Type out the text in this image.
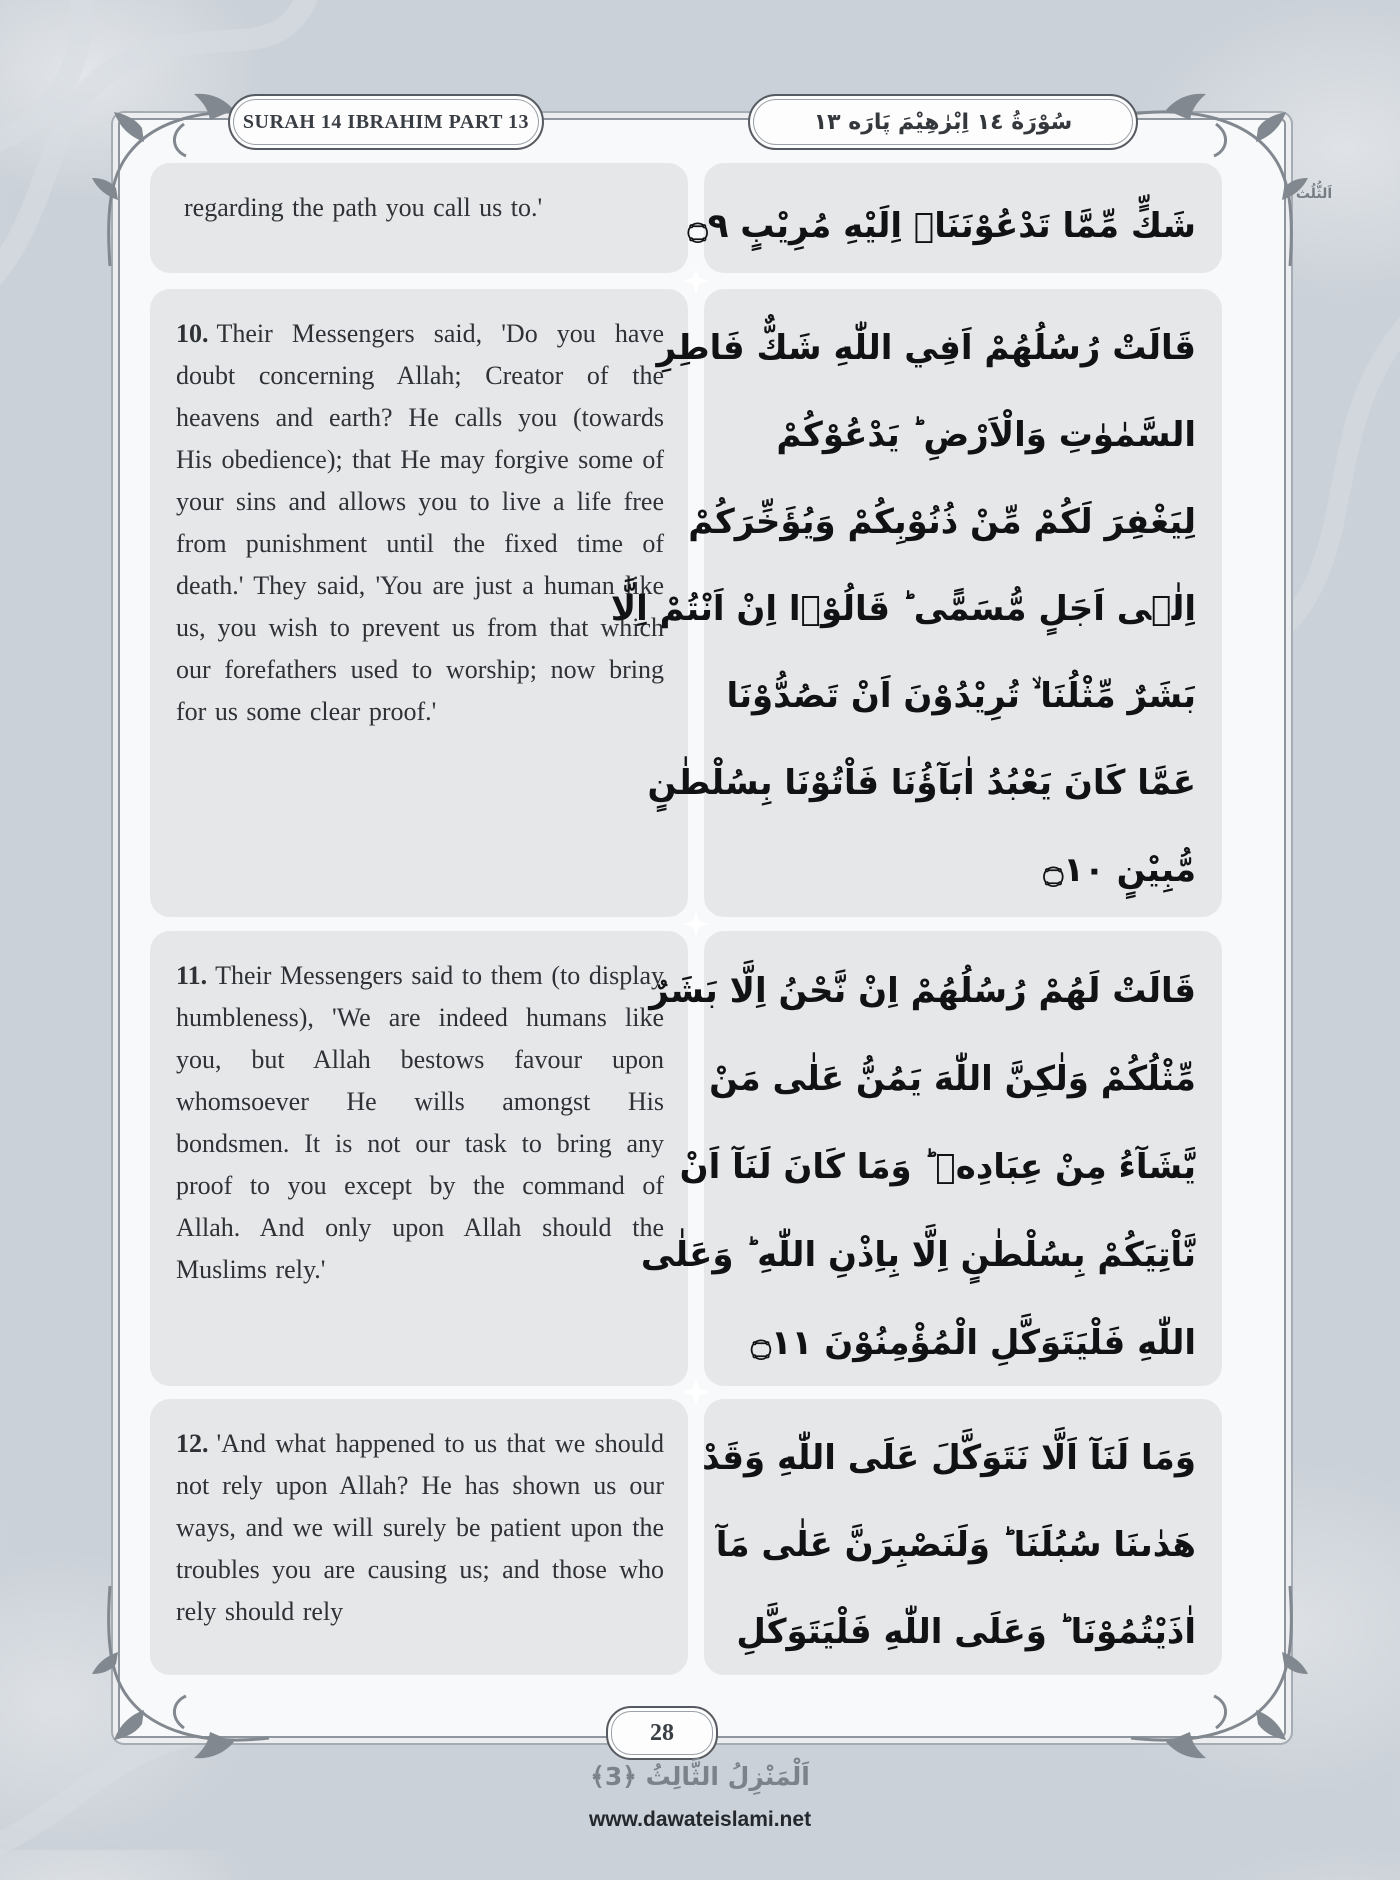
SURAH 14 IBRAHIM PART 13	سُوْرَةُ ١٤ اِبْرٰهِيْمَ پَارَه ١٣
اَلثُّلُث
regarding the path you call us to.'	شَكٍّ مِّمَّا تَدْعُوْنَنَاۤ اِلَيْهِ مُرِيْبٍ ۝٩
10. Their Messengers said, 'Do you have doubt concerning Allah; Creator of the heavens and earth? He calls you (towards His obedience); that He may forgive some of your sins and allows you to live a life free from punishment until the fixed time of death.' They said, 'You are just a human like us, you wish to prevent us from that which our forefathers used to worship; now bring for us some clear proof.'
قَالَتْ رُسُلُهُمْ اَفِي اللّٰهِ شَكٌّ فَاطِرِ
السَّمٰوٰتِ وَالْاَرْضِ ؕ يَدْعُوْكُمْ
لِيَغْفِرَ لَكُمْ مِّنْ ذُنُوْبِكُمْ وَيُؤَخِّرَكُمْ
اِلٰۤى اَجَلٍ مُّسَمًّى ؕ قَالُوْۤا اِنْ اَنْتُمْ اِلَّا
بَشَرٌ مِّثْلُنَا ۙ تُرِيْدُوْنَ اَنْ تَصُدُّوْنَا
عَمَّا كَانَ يَعْبُدُ اٰبَآؤُنَا فَاْتُوْنَا بِسُلْطٰنٍ
مُّبِيْنٍ ۝١٠
11. Their Messengers said to them (to display humbleness), 'We are indeed humans like you, but Allah bestows favour upon whomsoever He wills amongst His bondsmen. It is not our task to bring any proof to you except by the command of Allah. And only upon Allah should the Muslims rely.'
قَالَتْ لَهُمْ رُسُلُهُمْ اِنْ نَّحْنُ اِلَّا بَشَرٌ
مِّثْلُكُمْ وَلٰكِنَّ اللّٰهَ يَمُنُّ عَلٰى مَنْ
يَّشَآءُ مِنْ عِبَادِهٖ ؕ وَمَا كَانَ لَنَآ اَنْ
نَّاْتِيَكُمْ بِسُلْطٰنٍ اِلَّا بِاِذْنِ اللّٰهِ ؕ وَعَلٰى
اللّٰهِ فَلْيَتَوَكَّلِ الْمُؤْمِنُوْنَ ۝١١
12. 'And what happened to us that we should not rely upon Allah? He has shown us our ways, and we will surely be patient upon the troubles you are causing us; and those who rely should rely
وَمَا لَنَآ اَلَّا نَتَوَكَّلَ عَلَى اللّٰهِ وَقَدْ
هَدٰىنَا سُبُلَنَا ؕ وَلَنَصْبِرَنَّ عَلٰى مَآ
اٰذَيْتُمُوْنَا ؕ وَعَلَى اللّٰهِ فَلْيَتَوَكَّلِ
28
اَلْمَنْزِلُ الثَّالِثُ ﴿3﴾
www.dawateislami.net
